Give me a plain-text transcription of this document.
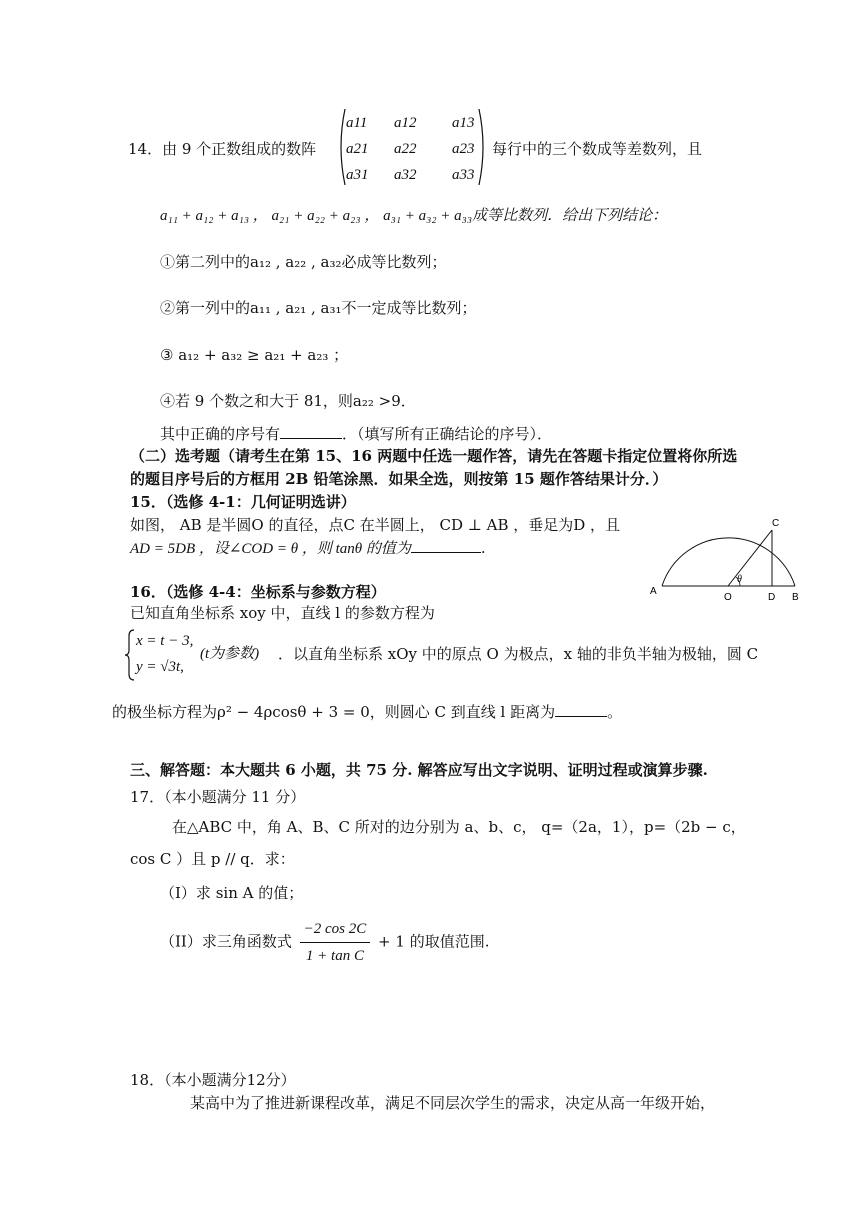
14．由 9 个正数组成的数阵
a11 a12 a13
a21 a22 a23
a31 a32 a33
每行中的三个数成等差数列，且
a₁₁ + a₁₂ + a₁₃ ， a₂₁ + a₂₂ + a₂₃ ， a₃₁ + a₃₂ + a₃₃成等比数列．给出下列结论：
①第二列中的a₁₂ , a₂₂ , a₃₂必成等比数列；
②第一列中的a₁₁ , a₂₁ , a₃₁不一定成等比数列；
③ a₁₂ + a₃₂ ≥ a₂₁ + a₂₃ ；
④若 9 个数之和大于 81，则a₂₂ >9．
其中正确的序号有	．（填写所有正确结论的序号）．
（二）选考题（请考生在第 15、16 两题中任选一题作答，请先在答题卡指定位置将你所选
的题目序号后的方框用 2B 铅笔涂黑．如果全选，则按第 15 题作答结果计分．）
15．（选修 4-1：几何证明选讲）
如图， AB 是半圆O 的直径，点C 在半圆上， CD ⊥ AB ，垂足为D ，且
AD = 5DB ，设∠COD = θ ，则 tanθ 的值为	.
A
O	D B
C
θ
16．（选修 4-4：坐标系与参数方程）
已知直角坐标系 xoy 中，直线 l 的参数方程为
x = t − 3,
y = √3t,
(t为参数) ．以直角坐标系 xOy 中的原点 O 为极点，x 轴的非负半轴为极轴，圆 C
的极坐标方程为ρ² − 4ρcosθ + 3 = 0，则圆心 C 到直线 l 距离为	。
三、解答题：本大题共 6 小题，共 75 分. 解答应写出文字说明、证明过程或演算步骤.
17．（本小题满分 11 分）
在△ABC 中，角 A、B、C 所对的边分别为 a、b、c， q=（2a，1），p=（2b − c，
cos C ）且 p // q．求：
（I）求 sin A 的值；
（II）求三角函数式 $\frac{-2 \cos 2C}{\text{1 + tan C}} + 1$ 的取值范围.
18．（本小题满分12分）
某高中为了推进新课程改革，满足不同层次学生的需求，决定从高一年级开始，
